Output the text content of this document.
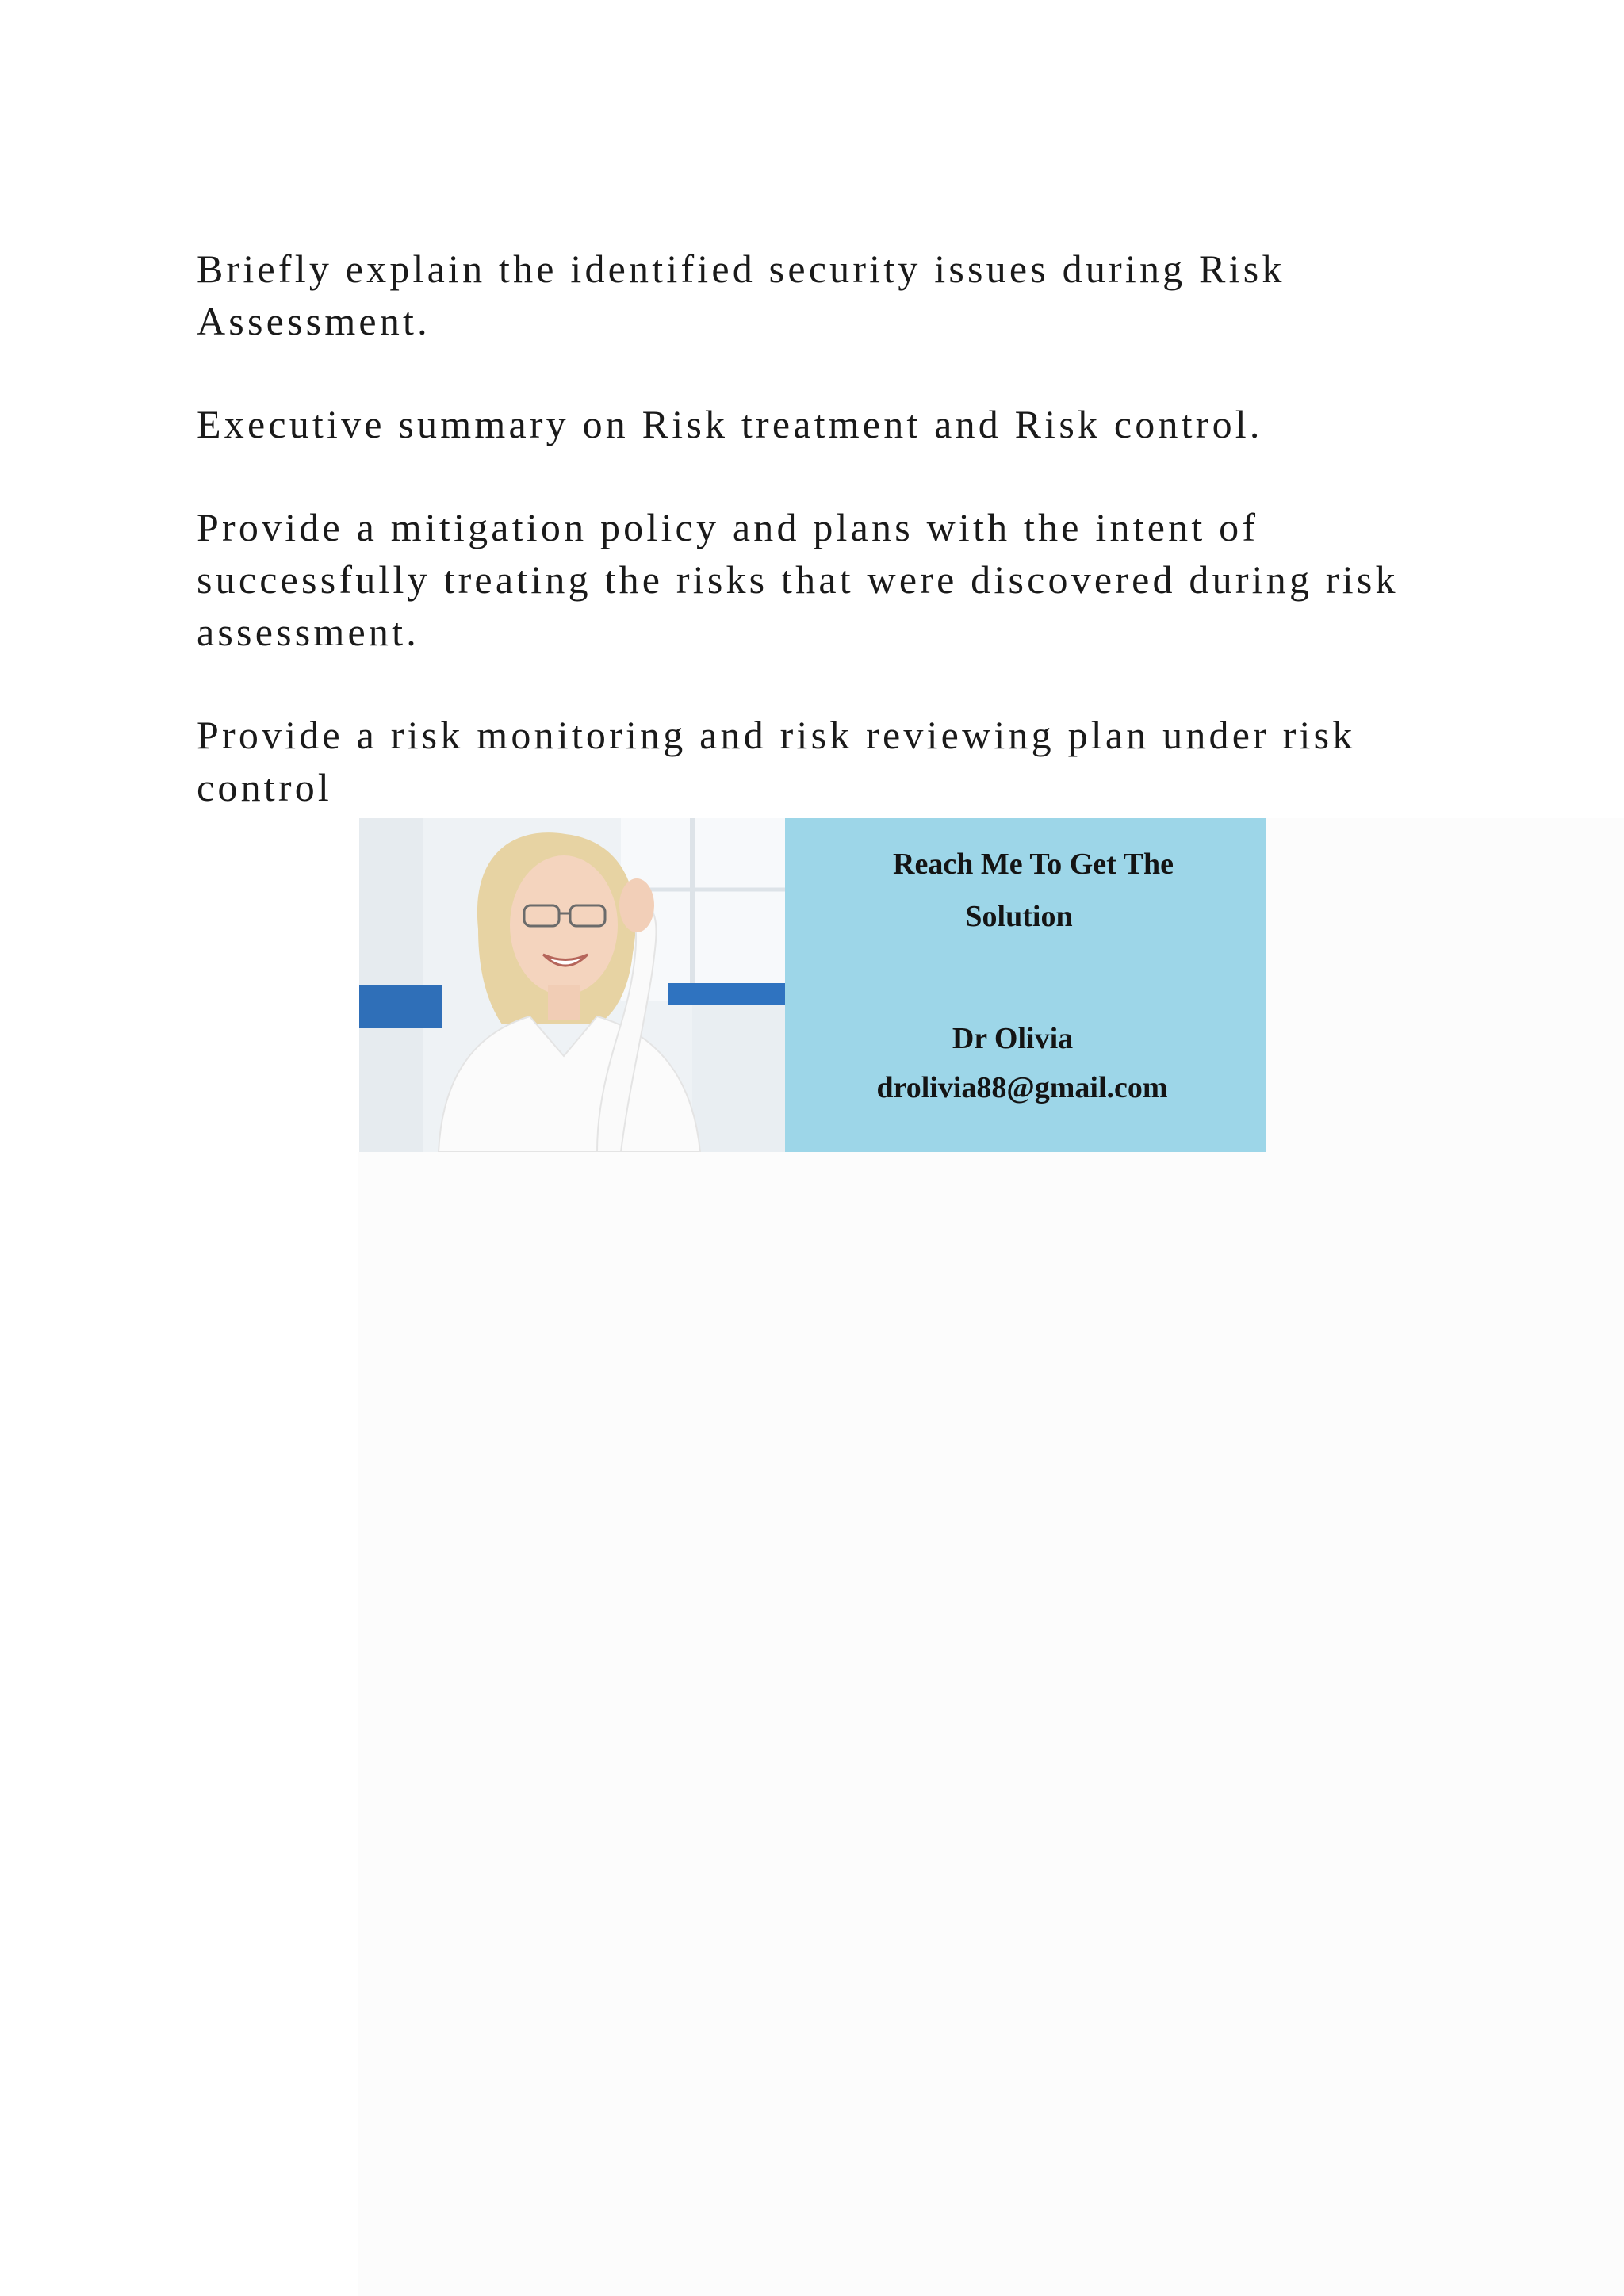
Briefly explain the identified security issues during Risk Assessment.

Executive summary on Risk treatment and Risk control.

Provide a mitigation policy and plans with the intent of successfully treating the risks that were discovered during risk assessment.

Provide a risk monitoring and risk reviewing plan under risk control

Reach Me To Get The
Solution
Dr Olivia
drolivia88@gmail.com
